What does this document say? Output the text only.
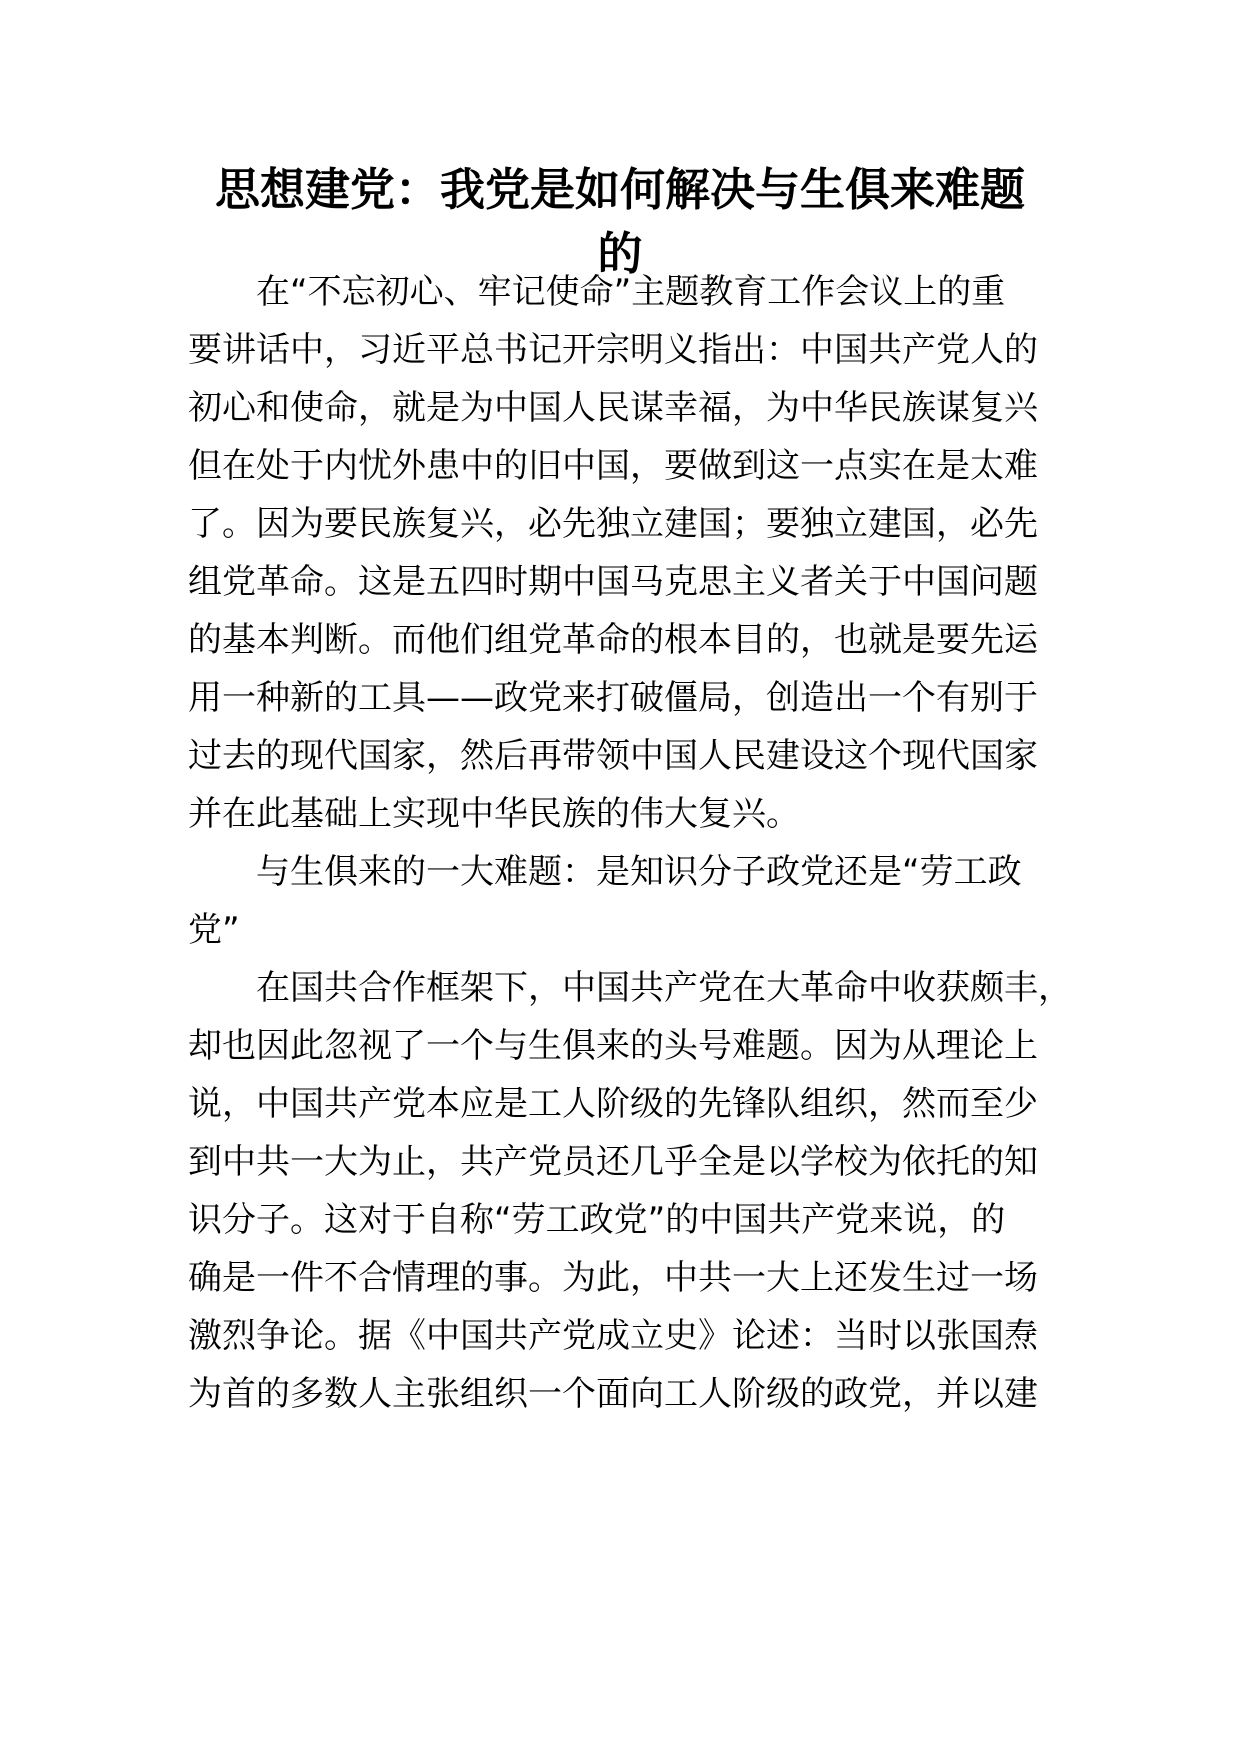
思想建党：我党是如何解决与生俱来难题
的

在“不忘初心、牢记使命”主题教育工作会议上的重

要讲话中，习近平总书记开宗明义指出：中国共产党人的

初心和使命，就是为中国人民谋幸福，为中华民族谋复兴

但在处于内忧外患中的旧中国，要做到这一点实在是太难

了。因为要民族复兴，必先独立建国；要独立建国，必先

组党革命。这是五四时期中国马克思主义者关于中国问题

的基本判断。而他们组党革命的根本目的，也就是要先运

用一种新的工具——政党来打破僵局，创造出一个有别于

过去的现代国家，然后再带领中国人民建设这个现代国家

并在此基础上实现中华民族的伟大复兴。

与生俱来的一大难题：是知识分子政党还是“劳工政

党”

在国共合作框架下，中国共产党在大革命中收获颇丰，

却也因此忽视了一个与生俱来的头号难题。因为从理论上

说，中国共产党本应是工人阶级的先锋队组织，然而至少

到中共一大为止，共产党员还几乎全是以学校为依托的知

识分子。这对于自称“劳工政党”的中国共产党来说，的

确是一件不合情理的事。为此，中共一大上还发生过一场

激烈争论。据《中国共产党成立史》论述：当时以张国焘

为首的多数人主张组织一个面向工人阶级的政党，并以建
